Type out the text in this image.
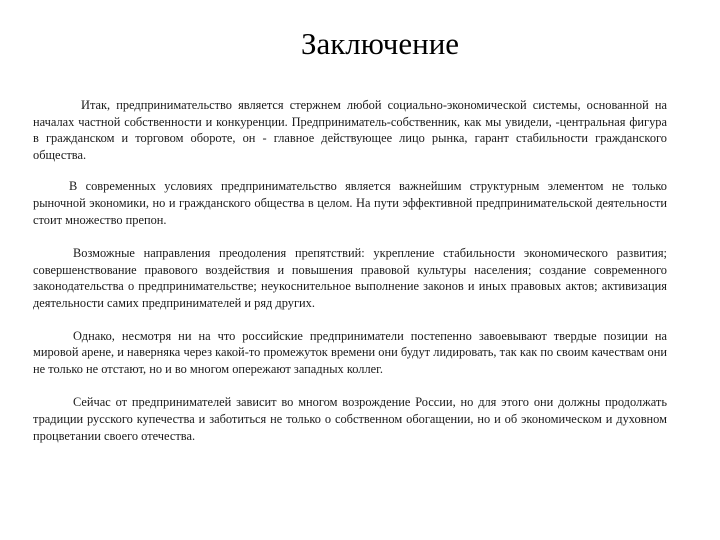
Заключение

Итак, предпринимательство является стержнем любой социально-экономической системы, основанной на началах частной собственности и конкуренции. Предприниматель-собственник, как мы увидели, -центральная фигура в гражданском и торговом обороте, он - главное действующее лицо рынка, гарант стабильности гражданского общества.

В современных условиях предпринимательство является важнейшим структурным элементом не только рыночной экономики, но и гражданского общества в целом. На пути эффективной предпринимательской деятельности стоит множество препон.

Возможные направления преодоления препятствий: укрепление стабильности экономического развития; совершенствование правового воздействия и повышения правовой культуры населения; создание современного законодательства о предпринимательстве; неукоснительное выполнение законов и иных правовых актов; активизация деятельности самих предпринимателей и ряд других.

Однако, несмотря ни на что российские предприниматели постепенно завоевывают твердые позиции на мировой арене, и наверняка через какой-то промежуток времени они будут лидировать, так как по своим качествам они не только не отстают, но и во многом опережают западных коллег.

Сейчас от предпринимателей зависит во многом возрождение России, но для этого они должны продолжать традиции русского купечества и заботиться не только о собственном обогащении, но и об экономическом и духовном процветании своего отечества.
